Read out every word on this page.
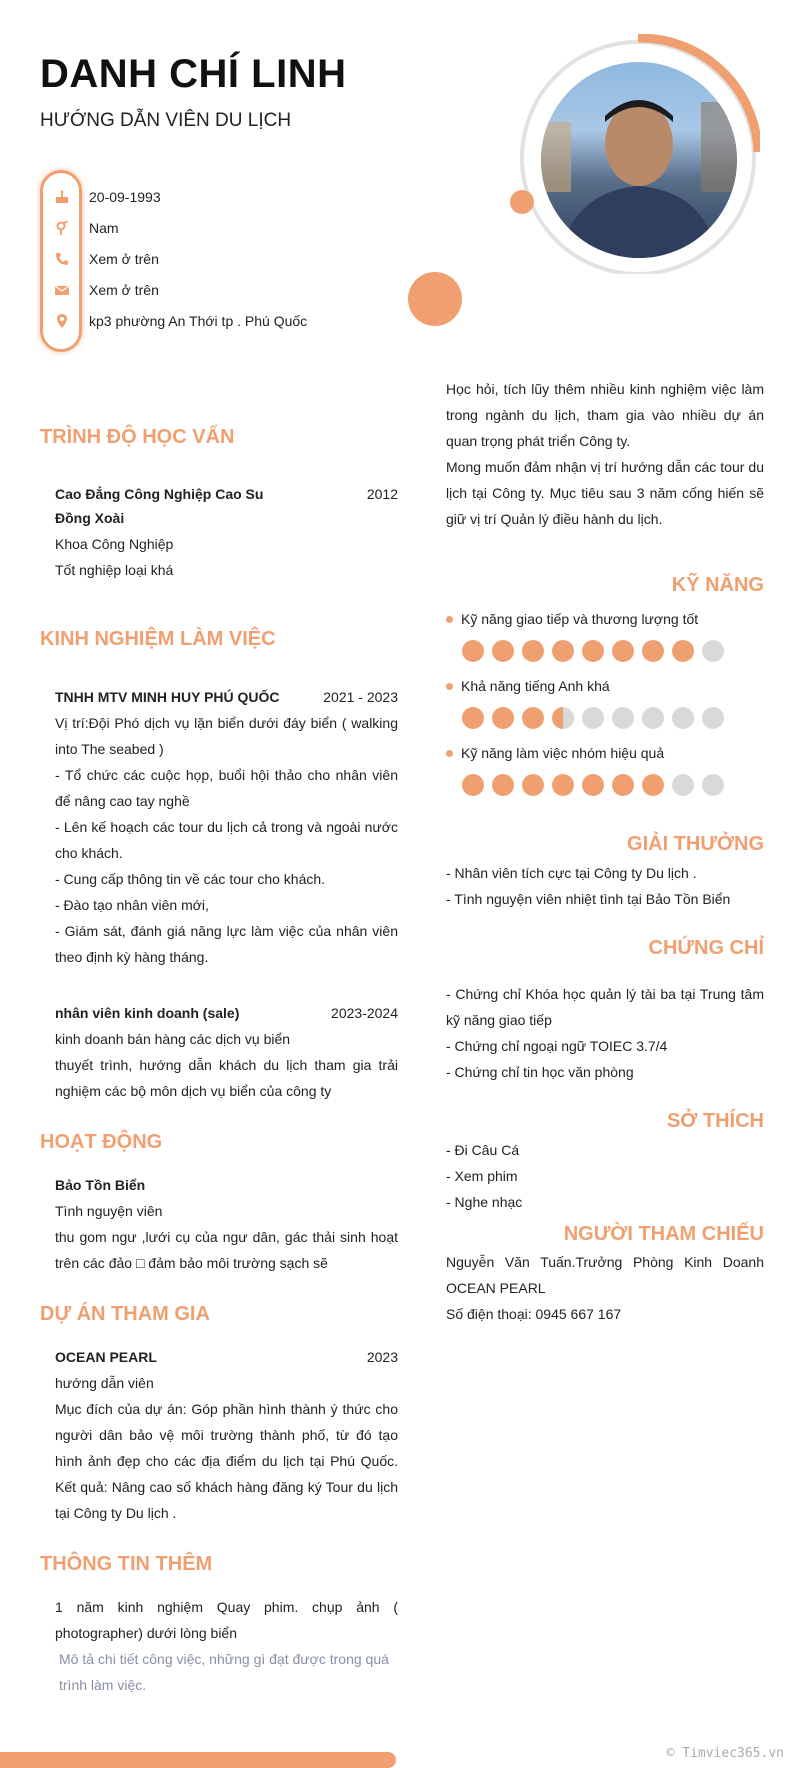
DANH CHÍ LINH
HƯỚNG DẪN VIÊN DU LỊCH
20-09-1993
Nam
Xem ở trên
Xem ở trên
kp3 phường An Thới tp . Phú Quốc
Học hỏi, tích lũy thêm nhiều kinh nghiệm việc làm trong ngành du lịch, tham gia vào nhiều dự án quan trọng phát triển Công ty.
Mong muốn đảm nhận vị trí hướng dẫn các tour du lịch tại Công ty. Mục tiêu sau 3 năm cống hiến sẽ giữ vị trí Quản lý điều hành du lịch.
TRÌNH ĐỘ HỌC VẤN
Cao Đẳng Công Nghiệp Cao Su Đồng Xoài
2012
Khoa Công Nghiệp
Tốt nghiệp loại khá
KINH NGHIỆM LÀM VIỆC
TNHH MTV MINH HUY PHÚ QUỐC	2021 - 2023
Vị trí:Đội Phó dịch vụ lặn biển dưới đáy biển ( walking into The seabed )
- Tổ chức các cuộc họp, buổi hội thảo cho nhân viên để nâng cao tay nghề
- Lên kế hoạch các tour du lịch cả trong và ngoài nước cho khách.
- Cung cấp thông tin về các tour cho khách.
- Đào tạo nhân viên mới,
- Giám sát, đánh giá năng lực làm việc của nhân viên theo định kỳ hàng tháng.
nhân viên kinh doanh (sale)	2023-2024
kinh doanh bán hàng các dịch vụ biển
thuyết trình, hướng dẫn khách du lịch tham gia trải nghiệm các bộ môn dịch vụ biển của công ty
HOẠT ĐỘNG
Bảo Tồn Biển
Tình nguyện viên
thu gom ngư ,lưới cụ của ngư dân, gác thải sinh hoạt trên các đảo □ đảm bảo môi trường sạch sẽ
DỰ ÁN THAM GIA
OCEAN PEARL	2023
hướng dẫn viên
Mục đích của dự án: Góp phần hình thành ý thức cho người dân bảo vệ môi trường thành phố, từ đó tạo hình ảnh đẹp cho các địa điểm du lịch tại Phú Quốc. Kết quả: Nâng cao số khách hàng đăng ký Tour du lịch tại Công ty Du lịch .
THÔNG TIN THÊM
1 năm kinh nghiệm Quay phim. chụp ảnh ( photographer) dưới lòng biển
Mô tả chi tiết công việc, những gì đạt được trong quá trình làm việc.
KỸ NĂNG
Kỹ năng giao tiếp và thương lượng tốt
Khả năng tiếng Anh khá
Kỹ năng làm việc nhóm hiệu quả
GIẢI THƯỞNG
- Nhân viên tích cực tại Công ty Du lịch .
- Tình nguyện viên nhiệt tình tại Bảo Tồn Biển
CHỨNG CHỈ
- Chứng chỉ Khóa học quản lý tài ba tại Trung tâm kỹ năng giao tiếp
- Chứng chỉ ngoại ngữ TOIEC 3.7/4
- Chứng chỉ tin học văn phòng
SỞ THÍCH
- Đi Câu Cá
- Xem phim
- Nghe nhạc
NGƯỜI THAM CHIẾU
Nguyễn Văn Tuấn.Trưởng Phòng Kinh Doanh OCEAN PEARL
Số điện thoại: 0945 667 167
© Timviec365.vn
